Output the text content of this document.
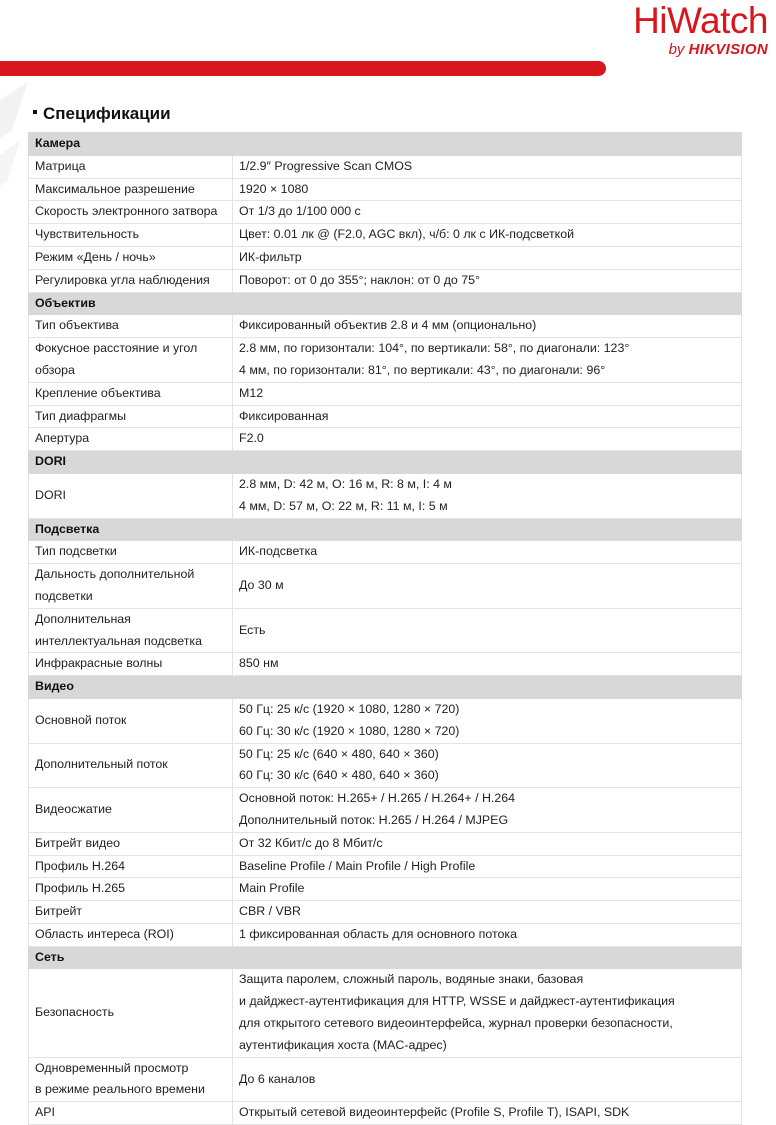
HiWatch
by HIKVISION
Спецификации
Камера	

Матрица	1/2.9″ Progressive Scan CMOS

Максимальное разрешение	1920 × 1080

Скорость электронного затвора	От 1/3 до 1/100 000 с

Чувствительность	Цвет: 0.01 лк @ (F2.0, AGC вкл), ч/б: 0 лк с ИК-подсветкой

Режим «День / ночь»	ИК-фильтр

Регулировка угла наблюдения	Поворот: от 0 до 355°; наклон: от 0 до 75°

Объектив	

Тип объектива	Фиксированный объектив 2.8 и 4 мм (опционально)

Фокусное расстояние и угол
обзора	2.8 мм, по горизонтали: 104°, по вертикали: 58°, по диагонали: 123°
4 мм, по горизонтали: 81°, по вертикали: 43°, по диагонали: 96°

Крепление объектива	M12

Тип диафрагмы	Фиксированная

Апертура	F2.0

DORI	

DORI	2.8 мм, D: 42 м, O: 16 м, R: 8 м, I: 4 м
4 мм, D: 57 м, O: 22 м, R: 11 м, I: 5 м

Подсветка	

Тип подсветки	ИК-подсветка

Дальность дополнительной
подсветки	До 30 м

Дополнительная
интеллектуальная подсветка	Есть

Инфракрасные волны	850 нм

Видео	

Основной поток	50 Гц: 25 к/с (1920 × 1080, 1280 × 720)
60 Гц: 30 к/с (1920 × 1080, 1280 × 720)

Дополнительный поток	50 Гц: 25 к/с (640 × 480, 640 × 360)
60 Гц: 30 к/с (640 × 480, 640 × 360)

Видеосжатие	Основной поток: H.265+ / H.265 / H.264+ / H.264
Дополнительный поток: H.265 / H.264 / MJPEG

Битрейт видео	От 32 Кбит/с до 8 Мбит/с

Профиль H.264	Baseline Profile / Main Profile / High Profile

Профиль H.265	Main Profile

Битрейт	CBR / VBR

Область интереса (ROI)	1 фиксированная область для основного потока

Сеть	

Безопасность	Защита паролем, сложный пароль, водяные знаки, базовая
и дайджест-аутентификация для HTTP, WSSE и дайджест-аутентификация
для открытого сетевого видеоинтерфейса, журнал проверки безопасности,
аутентификация хоста (MAC-адрес)

Одновременный просмотр
в режиме реального времени	До 6 каналов

API	Открытый сетевой видеоинтерфейс (Profile S, Profile T), ISAPI, SDK
